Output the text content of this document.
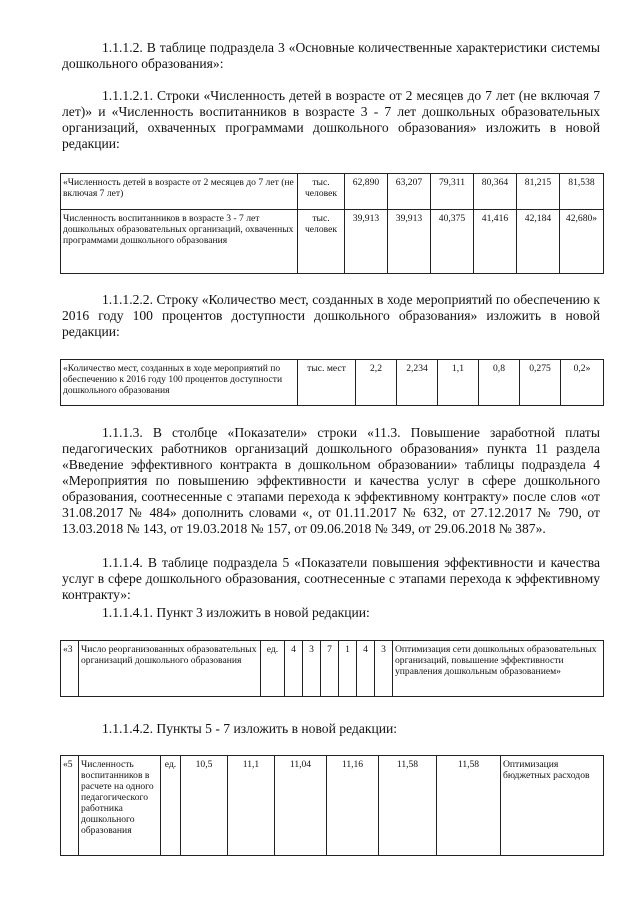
1.1.1.2. В таблице подраздела 3 «Основные количественные характеристики системы дошкольного образования»:

1.1.1.2.1. Строки «Численность детей в возрасте от 2 месяцев до 7 лет (не включая 7 лет)» и «Численность воспитанников в возрасте 3 - 7 лет дошкольных образовательных организаций, охваченных программами дошкольного образования» изложить в новой редакции:

«Численность детей в возрасте от 2 месяцев до 7 лет (не включая 7 лет)	тыс. человек	62,890	63,207	79,311	80,364	81,215	81,538
Численность воспитанников в возрасте 3 - 7 лет дошкольных образовательных организаций, охваченных программами дошкольного образования	тыс. человек	39,913	39,913	40,375	41,416	42,184	42,680»

1.1.1.2.2. Строку «Количество мест, созданных в ходе мероприятий по обеспечению к 2016 году 100 процентов доступности дошкольного образования» изложить в новой редакции:

«Количество мест, созданных в ходе мероприятий по обеспечению к 2016 году 100 процентов доступности дошкольного образования	тыс. мест	2,2	2,234	1,1	0,8	0,275	0,2»

1.1.1.3. В столбце «Показатели» строки «11.3. Повышение заработной платы педагогических работников организаций дошкольного образования» пункта 11 раздела «Введение эффективного контракта в дошкольном образовании» таблицы подраздела 4 «Мероприятия по повышению эффективности и качества услуг в сфере дошкольного образования, соотнесенные с этапами перехода к эффективному контракту» после слов «от 31.08.2017 № 484» дополнить словами «, от 01.11.2017 № 632, от 27.12.2017 № 790, от 13.03.2018 № 143, от 19.03.2018 № 157, от 09.06.2018 № 349, от 29.06.2018 № 387».

1.1.1.4. В таблице подраздела 5 «Показатели повышения эффективности и качества услуг в сфере дошкольного образования, соотнесенные с этапами перехода к эффективному контракту»:

1.1.1.4.1. Пункт 3 изложить в новой редакции:

«3	Число реорганизованных образовательных организаций дошкольного образования	ед.	4	3	7	1	4	3	Оптимизация сети дошкольных образовательных организаций, повышение эффективности управления дошкольным образованием»

1.1.1.4.2. Пункты 5 - 7 изложить в новой редакции:

«5	Численность воспитанников в расчете на одного педагогического работника дошкольного образования	ед.	10,5	11,1	11,04	11,16	11,58	11,58	Оптимизация бюджетных расходов
